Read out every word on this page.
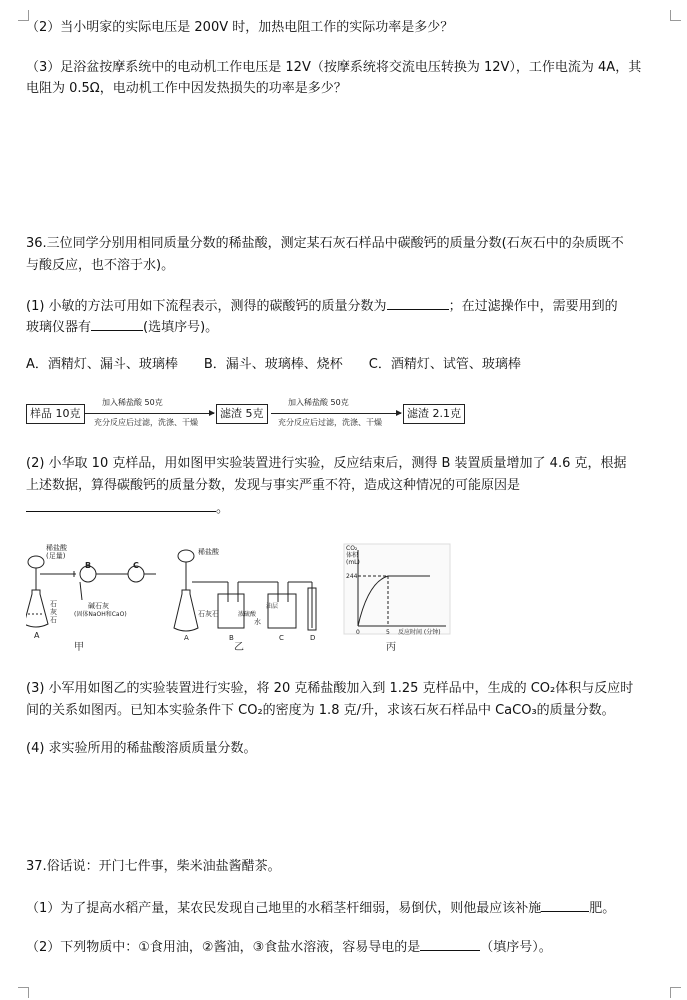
（2）当小明家的实际电压是 200V 时，加热电阻工作的实际功率是多少？
（3）足浴盆按摩系统中的电动机工作电压是 12V（按摩系统将交流电压转换为 12V），工作电流为 4A，其
电阻为 0.5Ω，电动机工作中因发热损失的功率是多少？
36.三位同学分别用相同质量分数的稀盐酸，测定某石灰石样品中碳酸钙的质量分数(石灰石中的杂质既不
与酸反应，也不溶于水)。
(1) 小敏的方法可用如下流程表示，测得的碳酸钙的质量分数为	；在过滤操作中，需要用到的
玻璃仪器有	(选填序号)。
A．酒精灯、漏斗、玻璃棒　　B．漏斗、玻璃棒、烧杯　　C．酒精灯、试管、玻璃棒
样品 10克
加入稀盐酸 50克
充分反应后过滤，洗涤、干燥
滤渣 5克
加入稀盐酸 50克
充分反应后过滤，洗涤、干燥
滤渣 2.1克
(2) 小华取 10 克样品，用如图甲实验装置进行实验，反应结束后，测得 B 装置质量增加了 4.6 克，根据
上述数据，算得碳酸钙的质量分数，发现与事实严重不符，造成这种情况的可能原因是
。
稀盐酸
(足量)
石
灰
石
A
B	C
碱石灰
(固体NaOH和CaO)
甲
稀盐酸
石灰石
油层
浓硫酸
水
A	B	C	D
乙
CO₂
体积
(mL)
244
0	5 反应时间 (分钟)
丙
(3) 小军用如图乙的实验装置进行实验，将 20 克稀盐酸加入到 1.25 克样品中，生成的 CO₂体积与反应时
间的关系如图丙。已知本实验条件下 CO₂的密度为 1.8 克/升，求该石灰石样品中 CaCO₃的质量分数。
(4) 求实验所用的稀盐酸溶质质量分数。
37.俗话说：开门七件事，柴米油盐酱醋茶。
（1）为了提高水稻产量，某农民发现自己地里的水稻茎杆细弱，易倒伏，则他最应该补施	肥。
（2）下列物质中：①食用油，②酱油，③食盐水溶液，容易导电的是	（填序号）。
